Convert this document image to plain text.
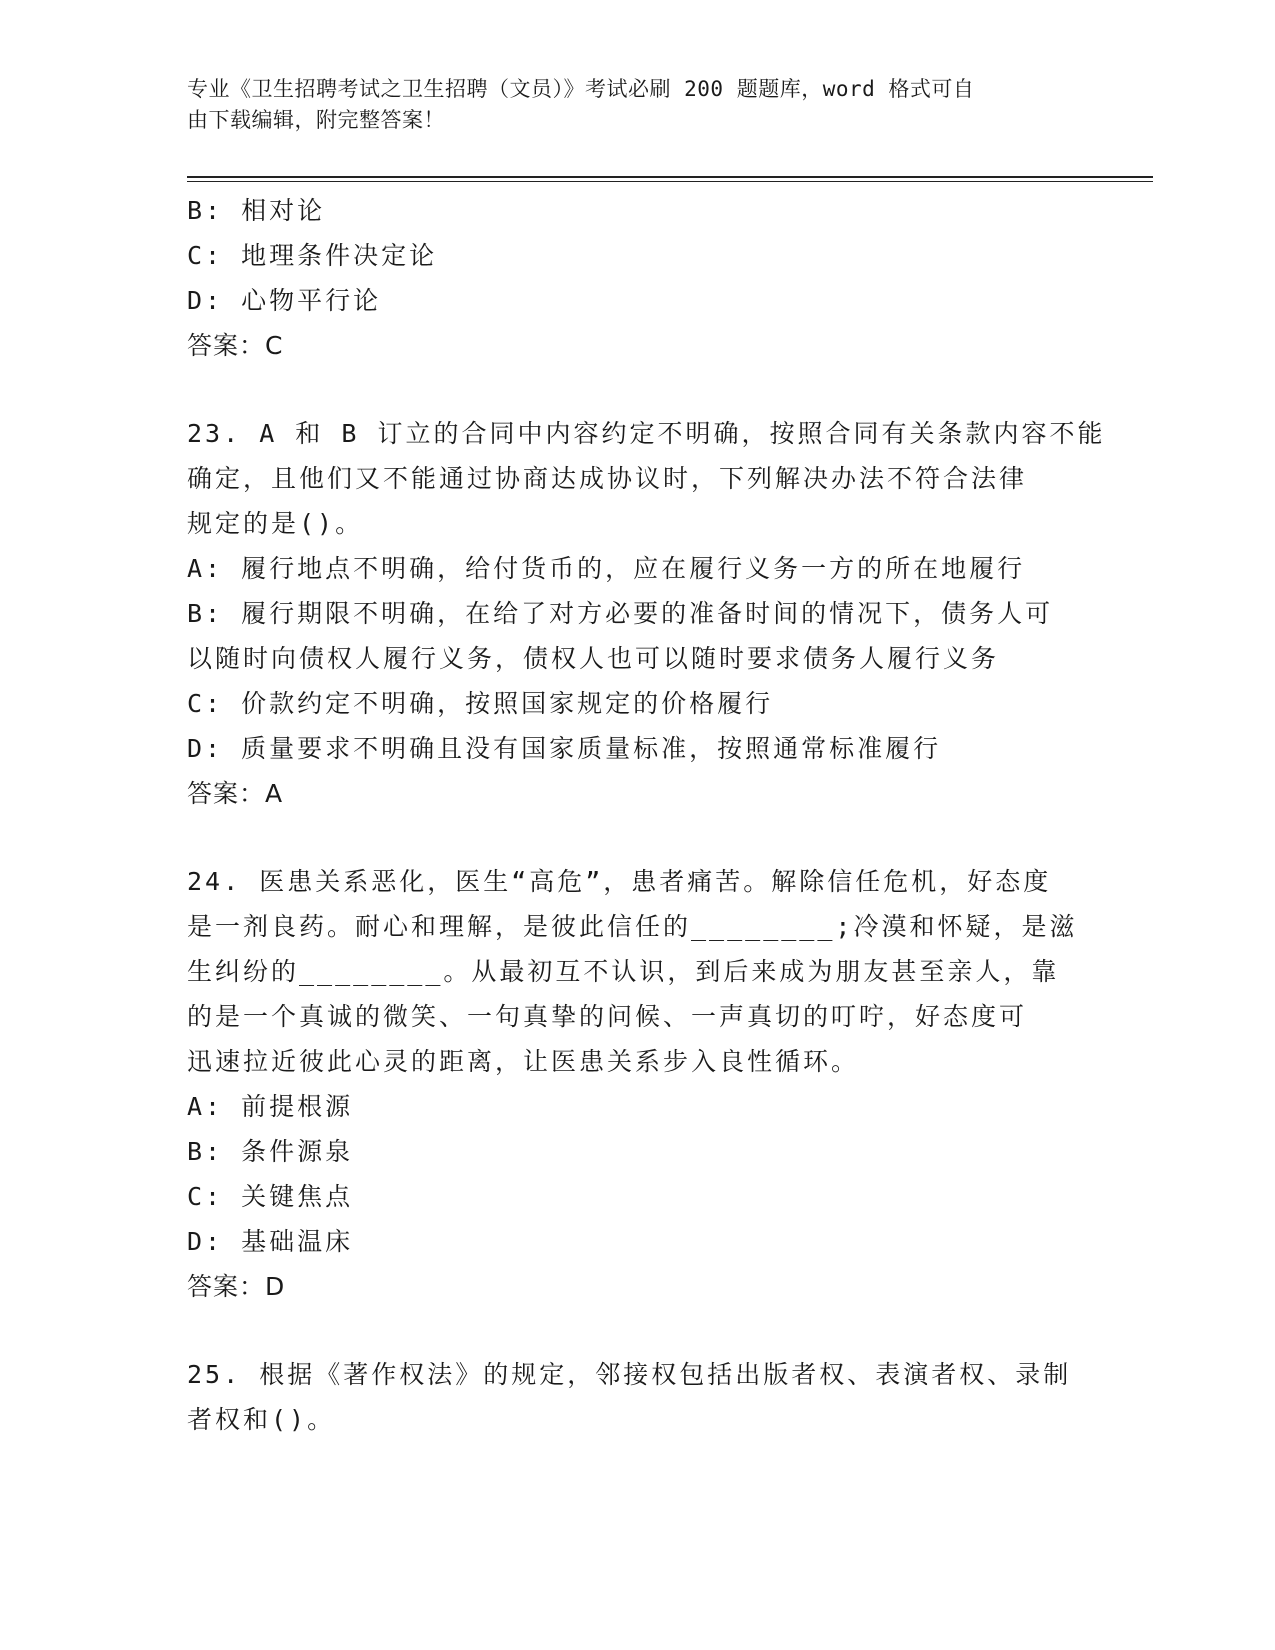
专业《卫生招聘考试之卫生招聘（文员）》考试必刷 200 题题库，word 格式可自
由下载编辑，附完整答案！
B: 相对论
C: 地理条件决定论
D: 心物平行论
答案：C
23. A 和 B 订立的合同中内容约定不明确，按照合同有关条款内容不能
确定，且他们又不能通过协商达成协议时，下列解决办法不符合法律
规定的是()。
A: 履行地点不明确，给付货币的，应在履行义务一方的所在地履行
B: 履行期限不明确，在给了对方必要的准备时间的情况下，债务人可
以随时向债权人履行义务，债权人也可以随时要求债务人履行义务
C: 价款约定不明确，按照国家规定的价格履行
D: 质量要求不明确且没有国家质量标准，按照通常标准履行
答案：A
24. 医患关系恶化，医生“高危”，患者痛苦。解除信任危机，好态度
是一剂良药。耐心和理解，是彼此信任的________;冷漠和怀疑，是滋
生纠纷的________。从最初互不认识，到后来成为朋友甚至亲人，靠
的是一个真诚的微笑、一句真挚的问候、一声真切的叮咛，好态度可
迅速拉近彼此心灵的距离，让医患关系步入良性循环。
A: 前提根源
B: 条件源泉
C: 关键焦点
D: 基础温床
答案：D
25. 根据《著作权法》的规定，邻接权包括出版者权、表演者权、录制
者权和()。
